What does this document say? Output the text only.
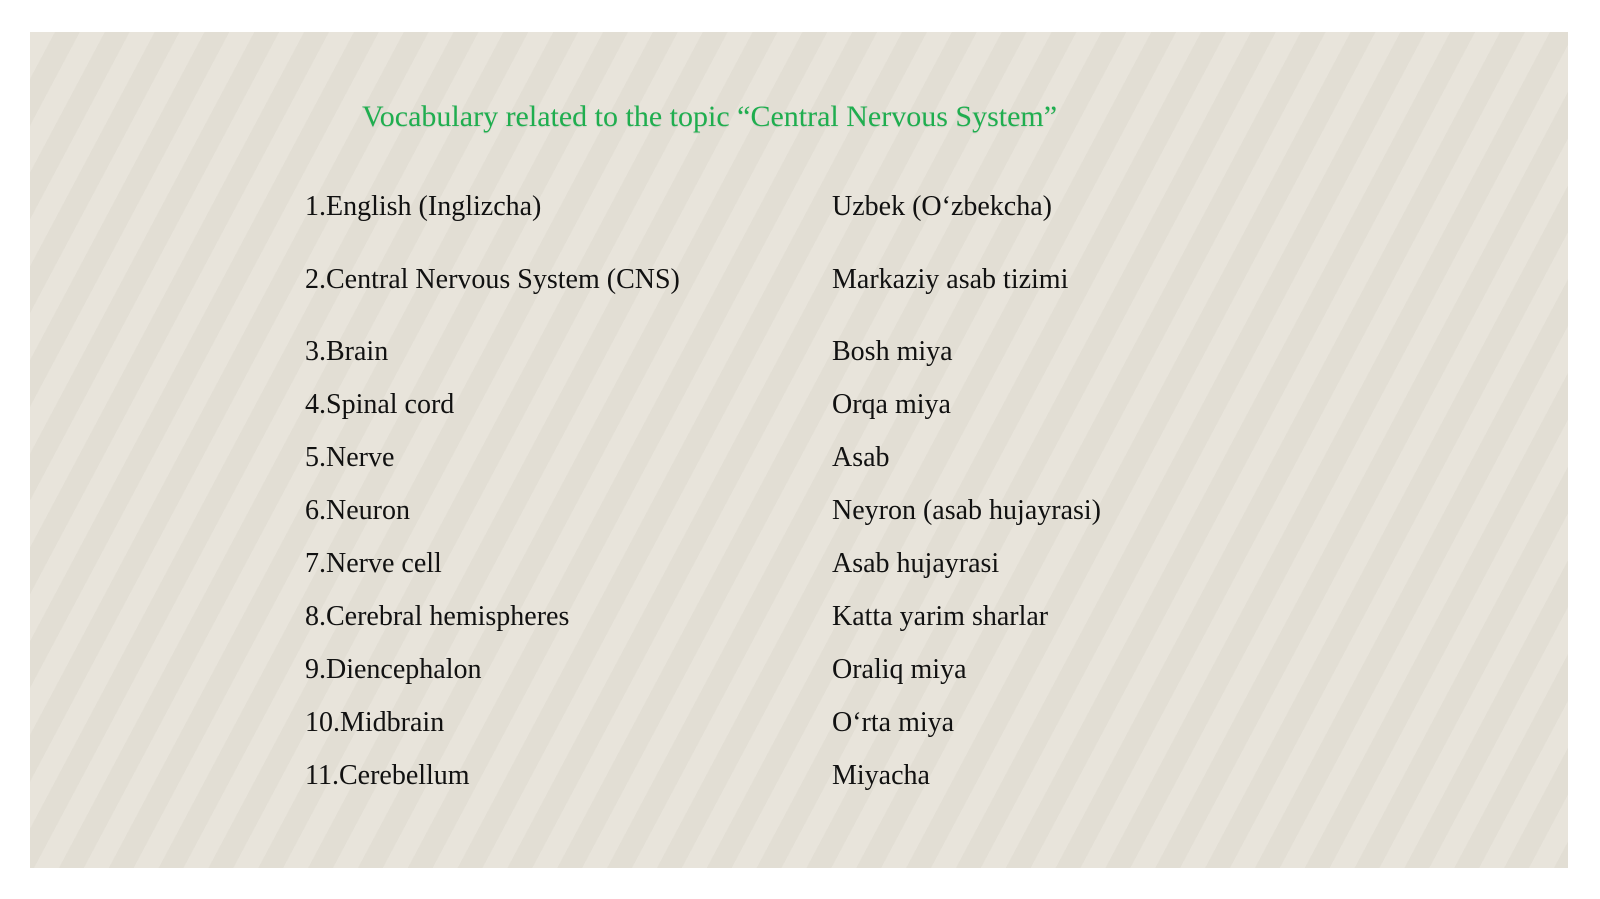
Vocabulary related to the topic “Central Nervous System”
1.English (Inglizcha)	Uzbek (O‘zbekcha)
2.Central Nervous System (CNS)	Markaziy asab tizimi
3.Brain	Bosh miya
4.Spinal cord	Orqa miya
5.Nerve	Asab
6.Neuron	Neyron (asab hujayrasi)
7.Nerve cell	Asab hujayrasi
8.Cerebral hemispheres	Katta yarim sharlar
9.Diencephalon	Oraliq miya
10.Midbrain	O‘rta miya
11.Cerebellum	Miyacha
